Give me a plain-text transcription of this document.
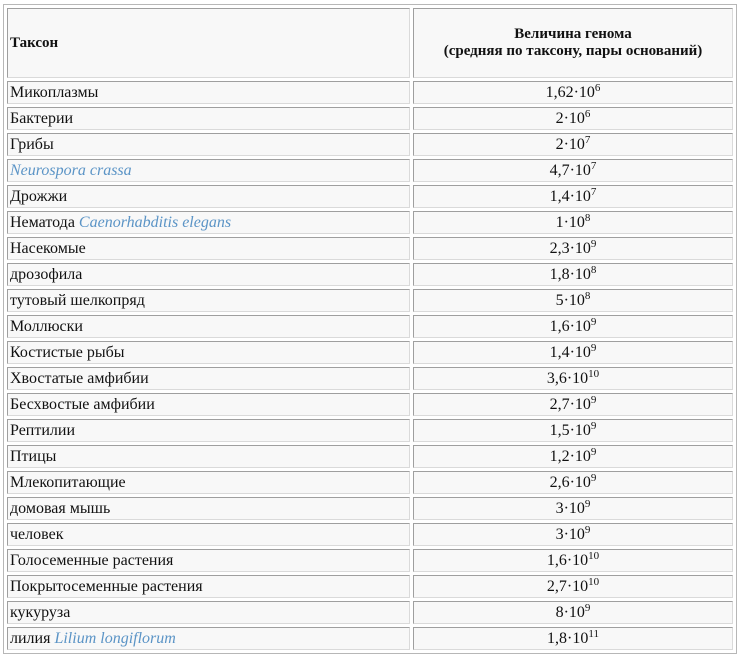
Таксон	Величина генома
(средняя по таксону, пары оснований)
Микоплазмы	$1,62\cdot 10^6$
Бактерии	$2\cdot 10^6$
Грибы	$2\cdot 10^7$
Neurospora crassa	$4,7\cdot 10^7$
Дрожжи	$1,4\cdot 10^7$
Нематода Caenorhabditis elegans	$1\cdot 10^8$
Насекомые	$2,3\cdot 10^9$
дрозофила	$1,8\cdot 10^8$
тутовый шелкопряд	$5\cdot 10^8$
Моллюски	$1,6\cdot 10^9$
Костистые рыбы	$1,4\cdot 10^9$
Хвостатые амфибии	$3,6\cdot 10^{10}$
Бесхвостые амфибии	$2,7\cdot 10^9$
Рептилии	$1,5\cdot 10^9$
Птицы	$1,2\cdot 10^9$
Млекопитающие	$2,6\cdot 10^9$
домовая мышь	$3\cdot 10^9$
человек	$3\cdot 10^9$
Голосеменные растения	$1,6\cdot 10^{10}$
Покрытосеменные растения	$2,7\cdot 10^{10}$
кукуруза	$8\cdot 10^9$
лилия Lilium longiflorum	$1,8\cdot 10^{11}$
